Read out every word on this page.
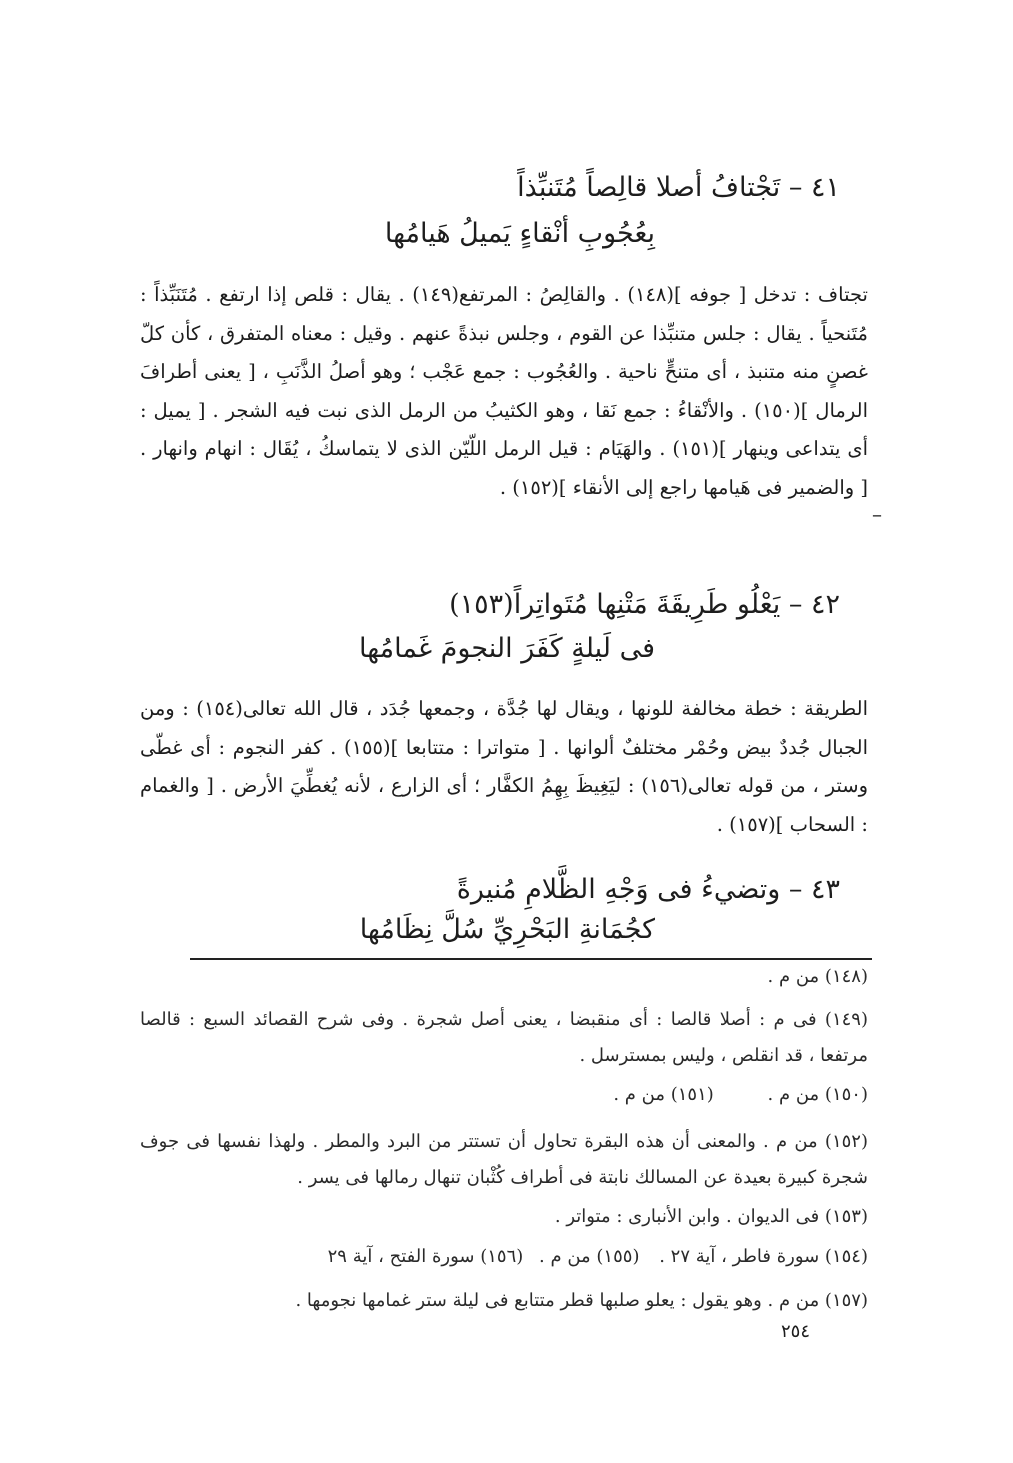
٤١ – تَجْتافُ أصلا قالِصاً مُتَنبِّذاً
بِعُجُوبِ أنْقاءٍ يَميلُ هَيامُها

تجتاف : تدخل [ جوفه ](١٤٨) . والقالِصُ : المرتفع(١٤٩) . يقال : قلص إذا ارتفع . مُتَنَبِّذاً : مُتَنحياً . يقال : جلس متنبِّذا عن القوم ، وجلس نبذةً عنهم . وقيل : معناه المتفرق ، كأن كلّ غصنٍ منه متنبذ ، أى متنحٍّ ناحية . والعُجُوب : جمع عَجْب ؛ وهو أصلُ الذَّنَبِ ، [ يعنى أطرافَ الرمال ](١٥٠) . والأنْقاءُ : جمع نَقا ، وهو الكثيبُ من الرمل الذى نبت فيه الشجر . [ يميل : أى يتداعى وينهار ](١٥١) . والهَيَام : قيل الرمل اللّيّن الذى لا يتماسكُ ، يُقَال : انهام وانهار . [ والضمير فى هَيامها راجع إلى الأنقاء ](١٥٢) .

–
٤٢ – يَعْلُو طَرِيقَةَ مَتْنِها مُتَواتِراً(١٥٣)
فى لَيلةٍ كَفَرَ النجومَ غَمامُها

الطريقة : خطة مخالفة للونها ، ويقال لها جُدَّة ، وجمعها جُدَد ، قال الله تعالى(١٥٤) : ومن الجبال جُددٌ بيض وحُمْر مختلفٌ ألوانها . [ متواترا : متتابعا ](١٥٥) . كفر النجوم : أى غطّى وستر ، من قوله تعالى(١٥٦) : ليَغِيظَ بِهِمُ الكفَّار ؛ أى الزارع ، لأنه يُغطِّيَ الأرض . [ والغمام : السحاب ](١٥٧) .

٤٣ – وتضيءُ فى وَجْهِ الظَّلامِ مُنيرةً
كجُمَانةِ البَحْرِيِّ سُلَّ نِظَامُها
(١٤٨) من م .
(١٤٩) فى م : أصلا قالصا : أى منقبضا ، يعنى أصل شجرة . وفى شرح القصائد السبع : قالصا مرتفعا ، قد انقلص ، وليس بمسترسل .
(١٥٠) من م . (١٥١) من م .
(١٥٢) من م . والمعنى أن هذه البقرة تحاول أن تستتر من البرد والمطر . ولهذا نفسها فى جوف شجرة كبيرة بعيدة عن المسالك نابتة فى أطراف كُثْبان تنهال رمالها فى يسر .
(١٥٣) فى الديوان . وابن الأنبارى : متواتر .
(١٥٤) سورة فاطر ، آية ٢٧ . (١٥٥) من م . (١٥٦) سورة الفتح ، آية ٢٩
(١٥٧) من م . وهو يقول : يعلو صلبها قطر متتابع فى ليلة ستر غمامها نجومها .
٢٥٤
